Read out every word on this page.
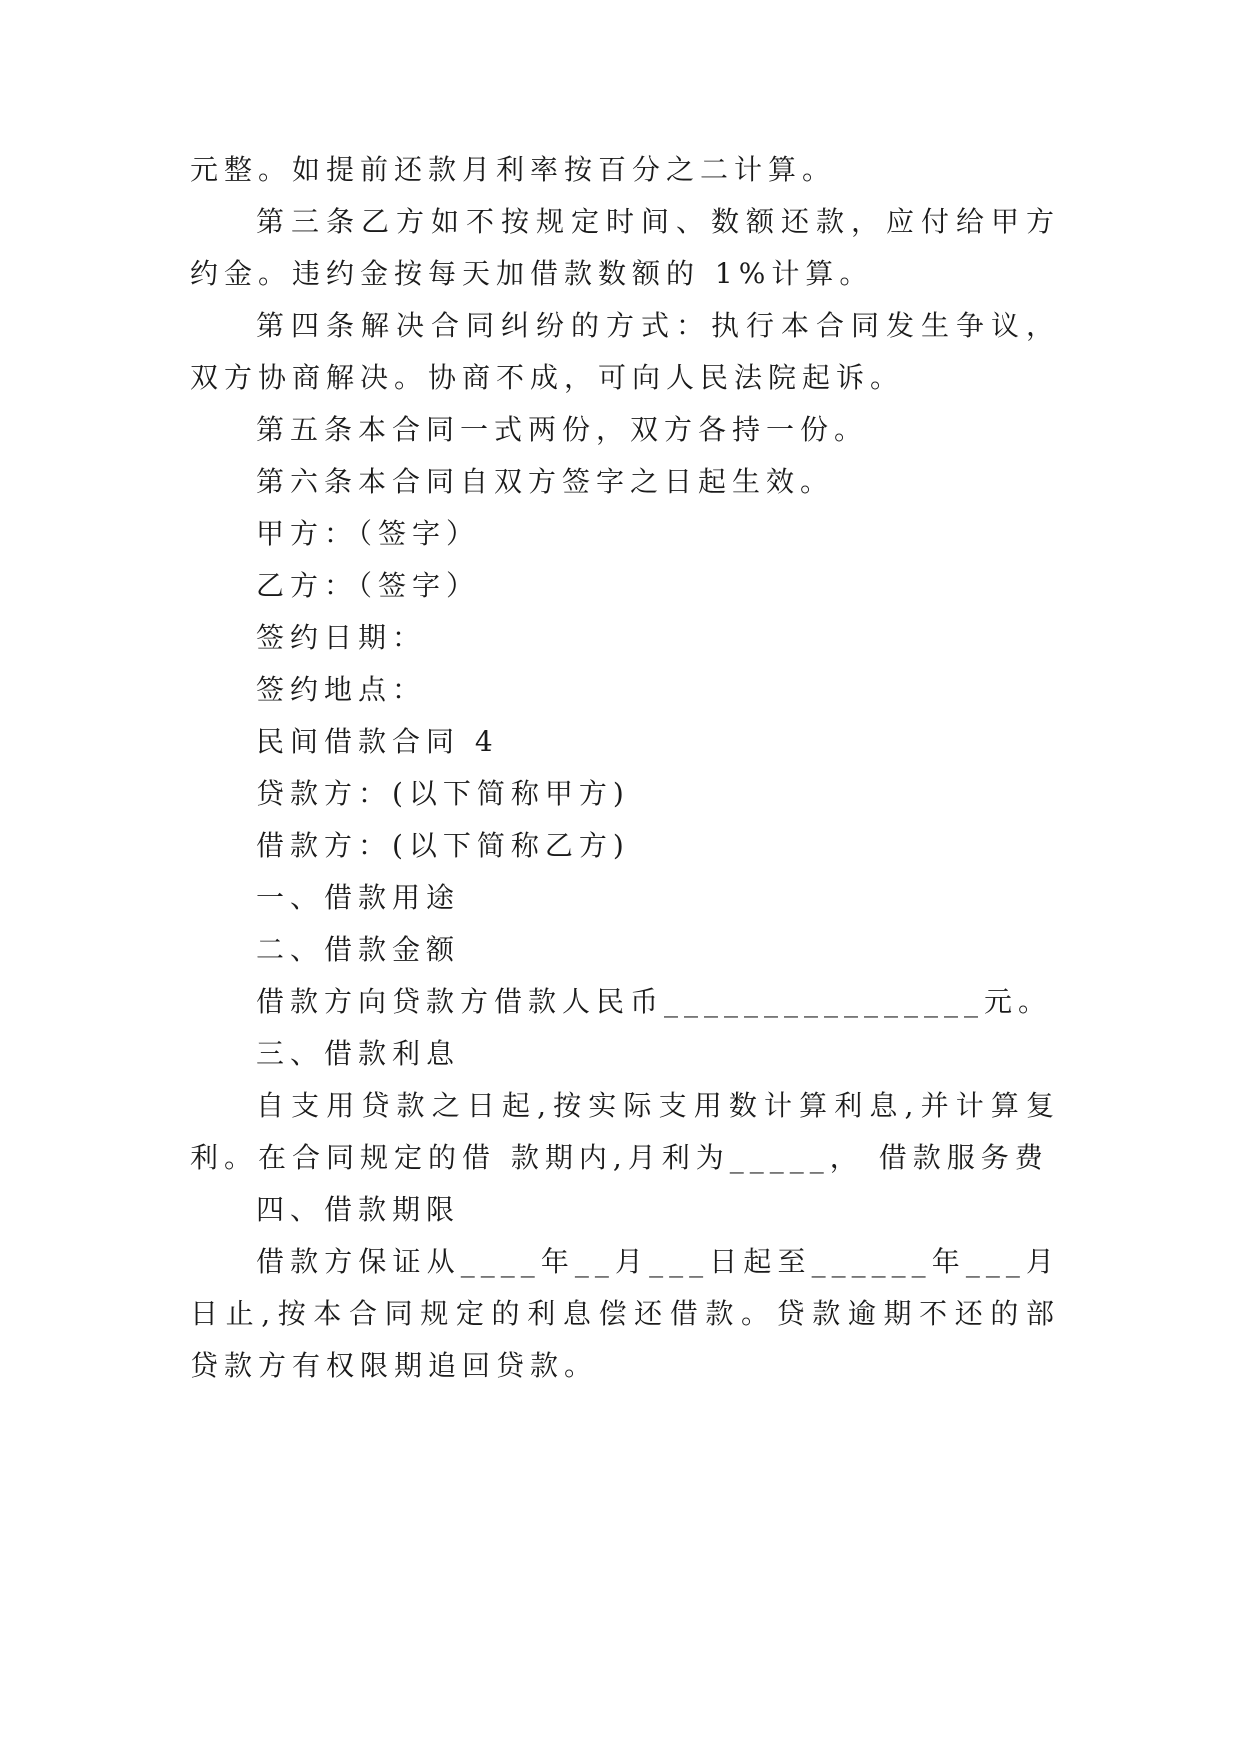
元整。如提前还款月利率按百分之二计算。
第三条乙方如不按规定时间、数额还款，应付给甲方
约金。违约金按每天加借款数额的 1%计算。
第四条解决合同纠纷的方式：执行本合同发生争议，
双方协商解决。协商不成，可向人民法院起诉。
第五条本合同一式两份，双方各持一份。
第六条本合同自双方签字之日起生效。
甲方：（签字）
乙方：（签字）
签约日期：
签约地点：
民间借款合同 4
贷款方：(以下简称甲方)
借款方：(以下简称乙方)
一、借款用途
二、借款金额
借款方向贷款方借款人民币________________元。
三、借款利息
自支用贷款之日起,按实际支用数计算利息,并计算复
利。在合同规定的借 款期内,月利为_____， 借款服务费
四、借款期限
借款方保证从____年__月___日起至______年___月
日止,按本合同规定的利息偿还借款。贷款逾期不还的部
贷款方有权限期追回贷款。
